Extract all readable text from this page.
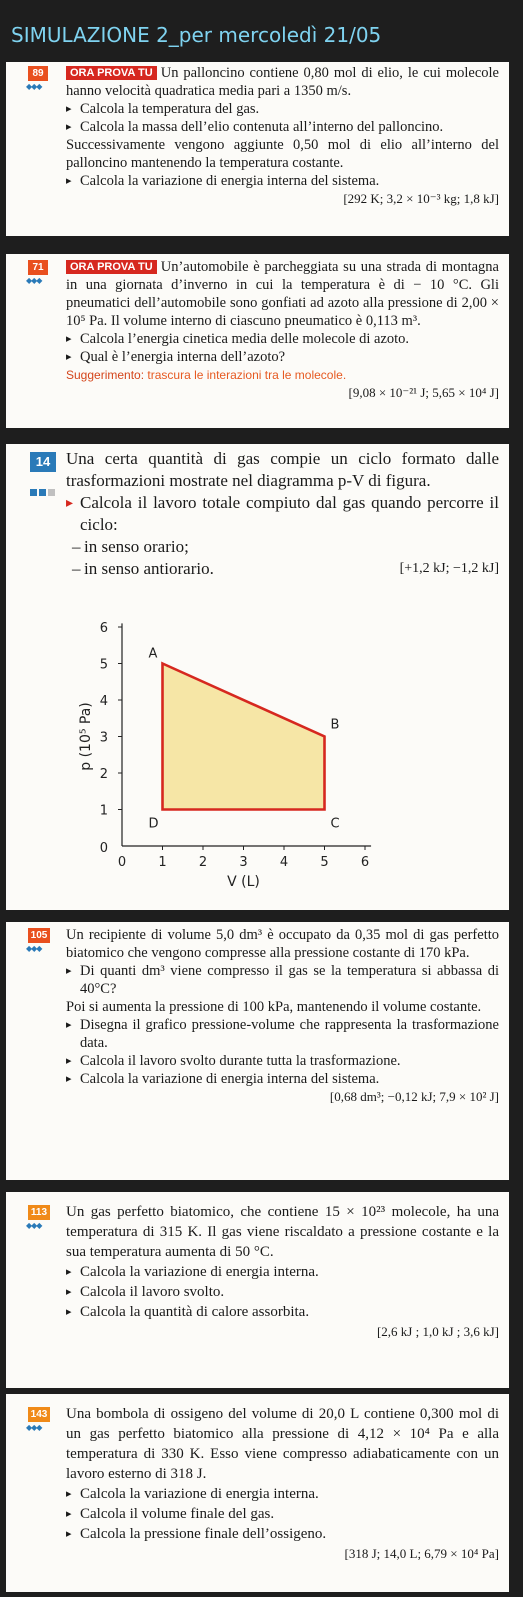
SIMULAZIONE 2_per mercoledì 21/05
89
◆◆◆

ORA PROVA TU Un palloncino contiene 0,80 mol di elio, le cui molecole hanno velocità quadratica media pari a 1350 m/s.

▸ Calcola la temperatura del gas.

▸ Calcola la massa dell’elio contenuta all’interno del palloncino.

Successivamente vengono aggiunte 0,50 mol di elio all’interno del palloncino mantenendo la temperatura costante.

▸ Calcola la variazione di energia interna del sistema.

[292 K; 3,2 × 10⁻³ kg; 1,8 kJ]

71
◆◆◆

ORA PROVA TU Un’automobile è parcheggiata su una strada di montagna in una giornata d’inverno in cui la temperatura è di − 10 °C. Gli pneumatici dell’automobile sono gonfiati ad azoto alla pressione di 2,00 × 10⁵ Pa. Il volume interno di ciascuno pneumatico è 0,113 m³.

▸ Calcola l’energia cinetica media delle molecole di azoto.

▸ Qual è l’energia interna dell’azoto?

Suggerimento: trascura le interazioni tra le molecole.

[9,08 × 10⁻²¹ J; 5,65 × 10⁴ J]

14 Una certa quantità di gas compie un ciclo formato dalle trasformazioni mostrate nel diagramma p-V di figura.

▸ Calcola il lavoro totale compiuto dal gas quando percorre il ciclo:

– in senso orario;

– in senso antiorario.	[+1,2 kJ; −1,2 kJ]

1 2 3 4 5 6
1
2
3
4
5
6
0
0
V (L)
p (10⁵ Pa)
A
B
C
D
105
◆◆◆

Un recipiente di volume 5,0 dm³ è occupato da 0,35 mol di gas perfetto biatomico che vengono compresse alla pressione costante di 170 kPa.

▸ Di quanti dm³ viene compresso il gas se la temperatura si abbassa di 40°C?

Poi si aumenta la pressione di 100 kPa, mantenendo il volume costante.

▸ Disegna il grafico pressione-volume che rappresenta la trasformazione data.

▸ Calcola il lavoro svolto durante tutta la trasformazione.

▸ Calcola la variazione di energia interna del sistema.

[0,68 dm³; −0,12 kJ; 7,9 × 10² J]

113
◆◆◆

Un gas perfetto biatomico, che contiene 15 × 10²³ molecole, ha una temperatura di 315 K. Il gas viene riscaldato a pressione costante e la sua temperatura aumenta di 50 °C.

▸ Calcola la variazione di energia interna.

▸ Calcola il lavoro svolto.

▸ Calcola la quantità di calore assorbita.

[2,6 kJ ; 1,0 kJ ; 3,6 kJ]

143
◆◆◆

Una bombola di ossigeno del volume di 20,0 L contiene 0,300 mol di un gas perfetto biatomico alla pressione di 4,12 × 10⁴ Pa e alla temperatura di 330 K. Esso viene compresso adiabaticamente con un lavoro esterno di 318 J.

▸ Calcola la variazione di energia interna.

▸ Calcola il volume finale del gas.

▸ Calcola la pressione finale dell’ossigeno.

[318 J; 14,0 L; 6,79 × 10⁴ Pa]
